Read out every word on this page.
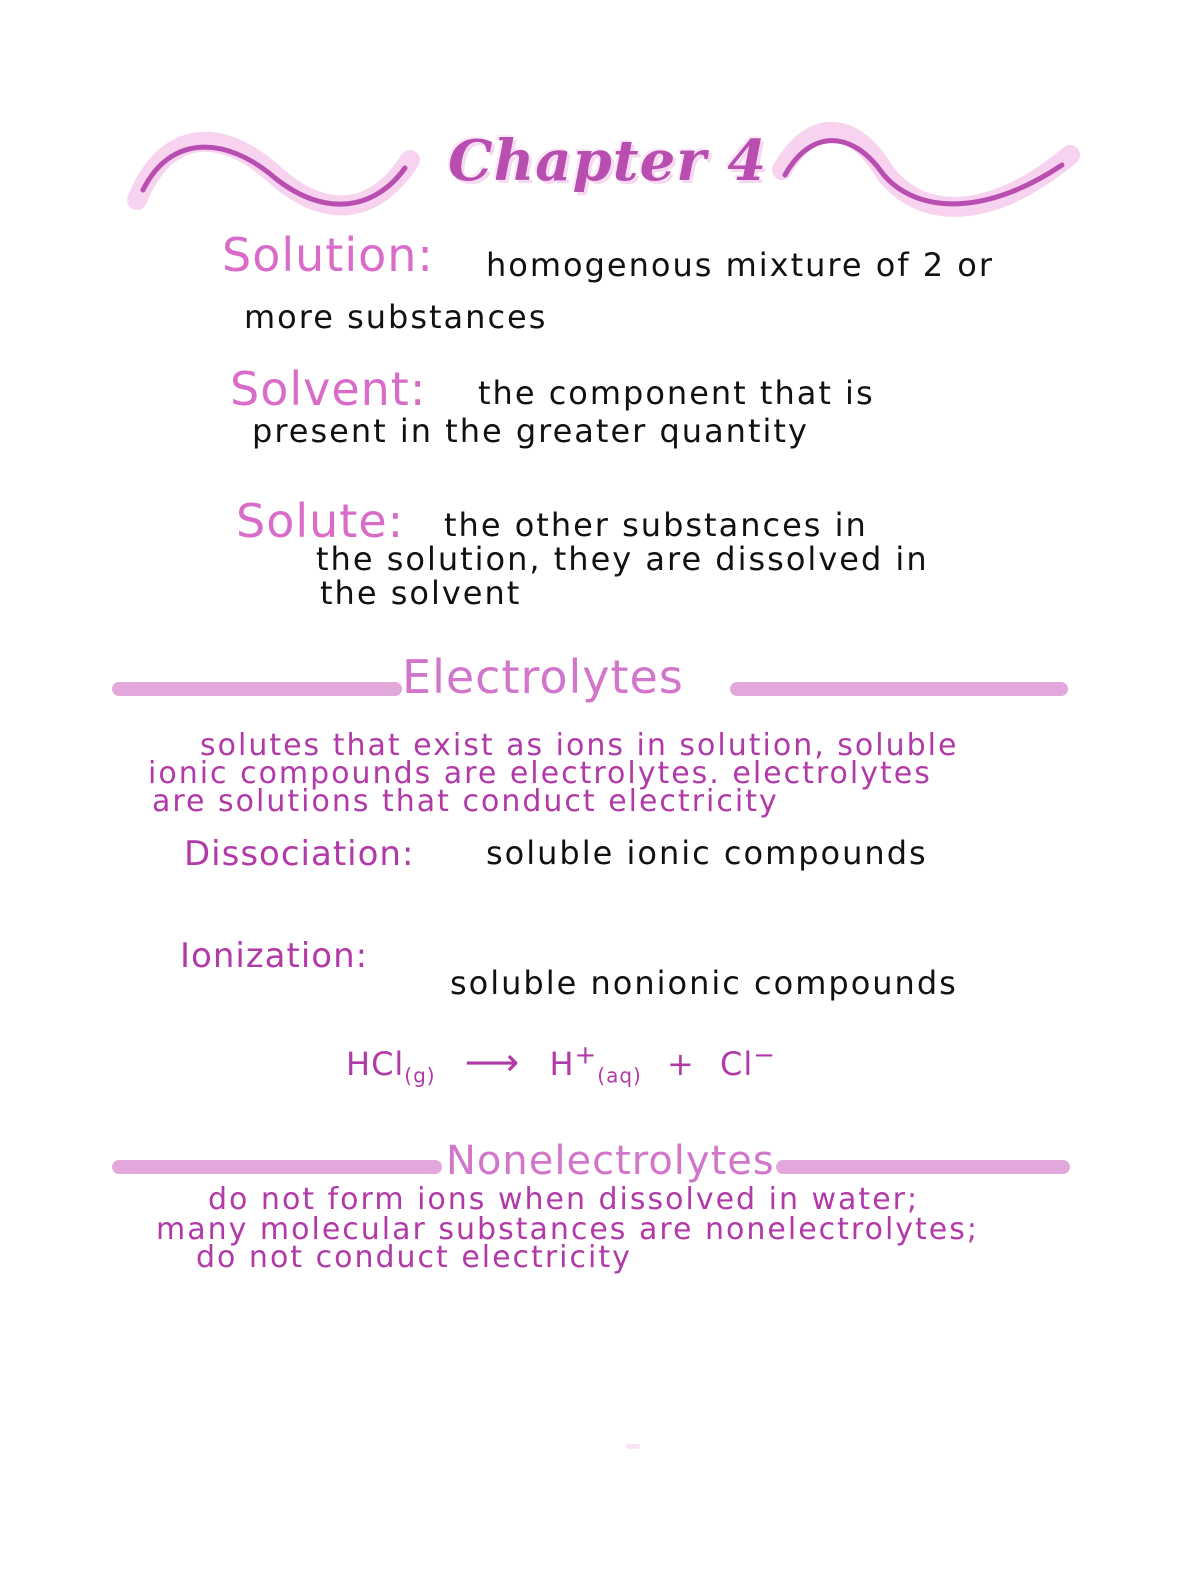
Chapter 4
Solution :	homogenous mixture of 2 or
more substances
Solvent :	the component that is
present in the greater quantity
Solute :	the other substances in
the solution, they are dissolved in
the solvent
Electrolytes
solutes that exist as ions in solution, soluble
ionic compounds are electrolytes. electrolytes
are solutions that conduct electricity
Dissociation: soluble ionic compounds
Ionization:
soluble nonionic compounds
HCl$_{(g)}$ ⟶ $H^+_{(aq)} + Cl^-$
Nonelectrolytes
do not form ions when dissolved in water;
many molecular substances are nonelectrolytes;
do not conduct electricity
